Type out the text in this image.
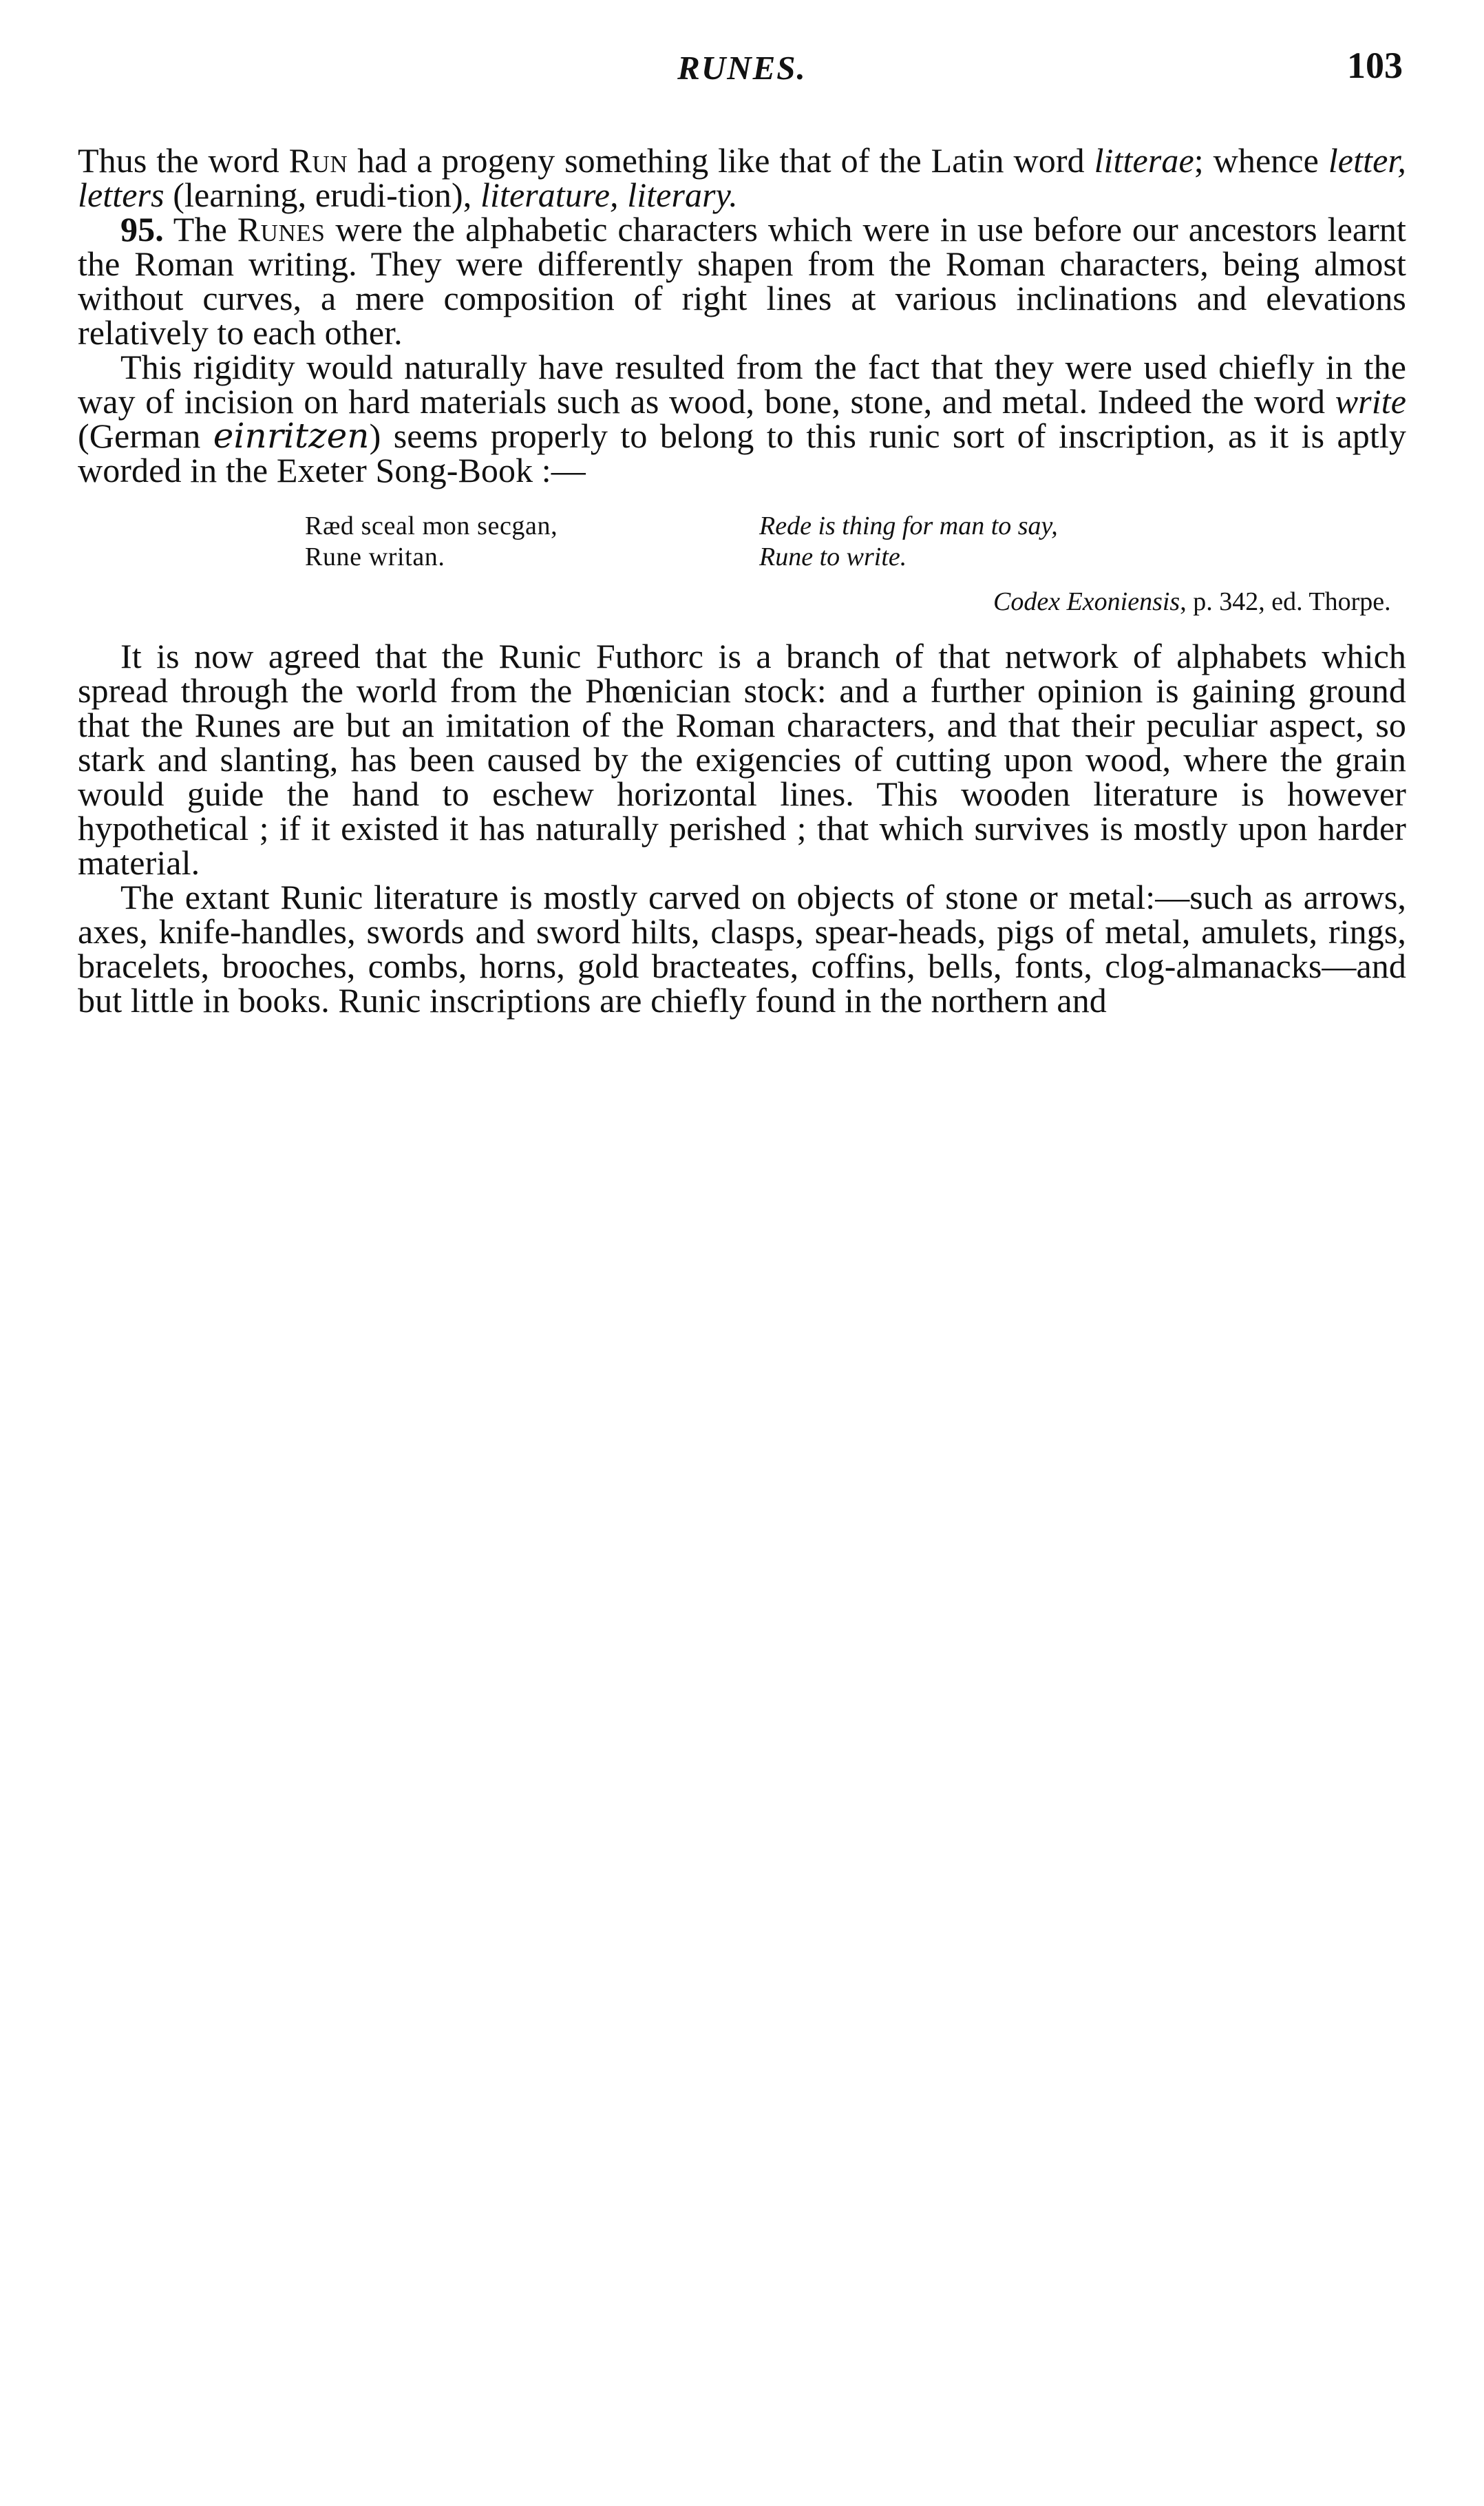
RUNES.	103

Thus the word Run had a progeny something like that of the Latin word litterae; whence letter, letters (learning, erudi-tion), literature, literary.

95. The Runes were the alphabetic characters which were in use before our ancestors learnt the Roman writing. They were differently shapen from the Roman characters, being almost without curves, a mere composition of right lines at various inclinations and elevations relatively to each other.

This rigidity would naturally have resulted from the fact that they were used chiefly in the way of incision on hard materials such as wood, bone, stone, and metal. Indeed the word write (German einritzen) seems properly to belong to this runic sort of inscription, as it is aptly worded in the Exeter Song-Book :—

Ræd sceal mon secgan,
Rune writan.
Rede is thing for man to say,
Rune to write.
Codex Exoniensis, p. 342, ed. Thorpe.

It is now agreed that the Runic Futhorc is a branch of that network of alphabets which spread through the world from the Phœnician stock: and a further opinion is gaining ground that the Runes are but an imitation of the Roman characters, and that their peculiar aspect, so stark and slanting, has been caused by the exigencies of cutting upon wood, where the grain would guide the hand to eschew horizontal lines. This wooden literature is however hypothetical ; if it existed it has naturally perished ; that which survives is mostly upon harder material.

The extant Runic literature is mostly carved on objects of stone or metal:—such as arrows, axes, knife-handles, swords and sword hilts, clasps, spear-heads, pigs of metal, amulets, rings, bracelets, brooches, combs, horns, gold bracteates, coffins, bells, fonts, clog-almanacks—and but little in books. Runic inscriptions are chiefly found in the northern and
